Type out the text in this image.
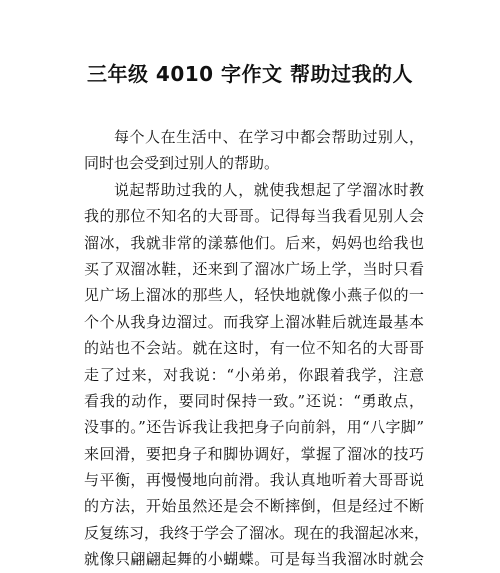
三年级 4010 字作文 帮助过我的人
每个人在生活中、在学习中都会帮助过别人，
同时也会受到过别人的帮助。
说起帮助过我的人，就使我想起了学溜冰时教
我的那位不知名的大哥哥。记得每当我看见别人会
溜冰，我就非常的漾慕他们。后来，妈妈也给我也
买了双溜冰鞋，还来到了溜冰广场上学，当时只看
见广场上溜冰的那些人，轻快地就像小燕子似的一
个个从我身边溜过。而我穿上溜冰鞋后就连最基本
的站也不会站。就在这时，有一位不知名的大哥哥
走了过来，对我说：“小弟弟，你跟着我学，注意
看我的动作，要同时保持一致。”还说：“勇敢点，
没事的。”还告诉我让我把身子向前斜，用“八字脚”
来回滑，要把身子和脚协调好，掌握了溜冰的技巧
与平衡，再慢慢地向前滑。我认真地听着大哥哥说
的方法，开始虽然还是会不断摔倒，但是经过不断
反复练习，我终于学会了溜冰。现在的我溜起冰来，
就像只翩翩起舞的小蝴蝶。可是每当我溜冰时就会
